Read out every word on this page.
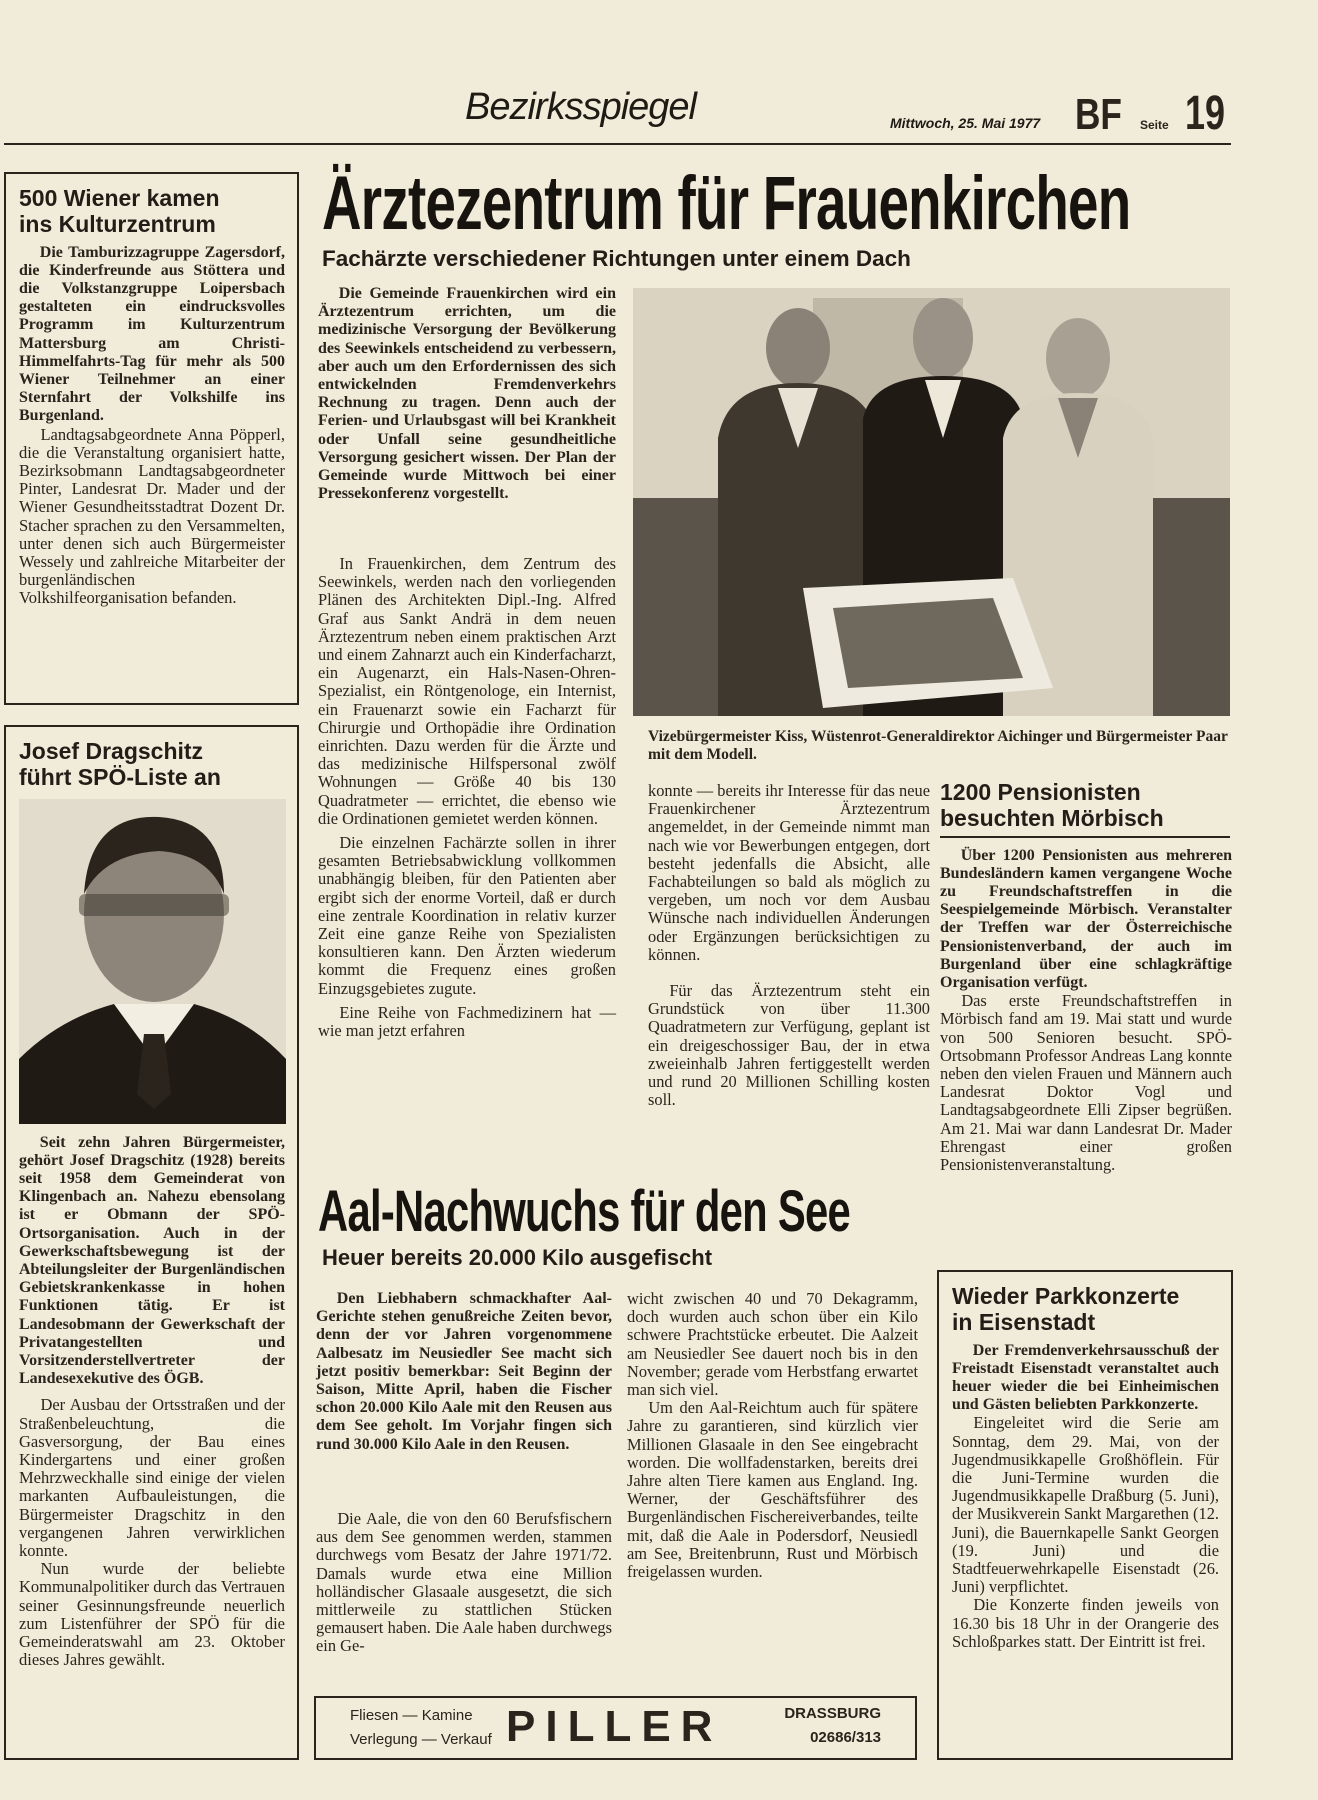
Bezirksspiegel	Mittwoch, 25. Mai 1977 BF Seite 19
500 Wiener kamen
ins Kulturzentrum

Die Tamburizzagruppe Zagersdorf, die Kinderfreunde aus Stöttera und die Volkstanzgruppe Loipersbach gestalteten ein eindrucksvolles Programm im Kulturzentrum Mattersburg am Christi-Himmelfahrts-Tag für mehr als 500 Wiener Teilnehmer an einer Sternfahrt der Volkshilfe ins Burgenland.

Landtagsabgeordnete Anna Pöpperl, die die Veranstaltung organisiert hatte, Bezirksobmann Landtagsabgeordneter Pinter, Landesrat Dr. Mader und der Wiener Gesundheitsstadtrat Dozent Dr. Stacher sprachen zu den Versammelten, unter denen sich auch Bürgermeister Wessely und zahlreiche Mitarbeiter der burgenländischen Volkshilfeorganisation befanden.

Josef Dragschitz
führt SPÖ-Liste an

Seit zehn Jahren Bürgermeister, gehört Josef Dragschitz (1928) bereits seit 1958 dem Gemeinderat von Klingenbach an. Nahezu ebensolang ist er Obmann der SPÖ-Ortsorganisation. Auch in der Gewerkschaftsbewegung ist der Abteilungsleiter der Burgenländischen Gebietskrankenkasse in hohen Funktionen tätig. Er ist Landesobmann der Gewerkschaft der Privatangestellten und Vorsitzenderstellvertreter der Landesexekutive des ÖGB.

Der Ausbau der Ortsstraßen und der Straßenbeleuchtung, die Gasversorgung, der Bau eines Kindergartens und einer großen Mehrzweckhalle sind einige der vielen markanten Aufbauleistungen, die Bürgermeister Dragschitz in den vergangenen Jahren verwirklichen konnte.

Nun wurde der beliebte Kommunalpolitiker durch das Vertrauen seiner Gesinnungsfreunde neuerlich zum Listenführer der SPÖ für die Gemeinderatswahl am 23. Oktober dieses Jahres gewählt.

Ärztezentrum für Frauenkirchen
Fachärzte verschiedener Richtungen unter einem Dach

Die Gemeinde Frauenkirchen wird ein Ärztezentrum errichten, um die medizinische Versorgung der Bevölkerung des Seewinkels entscheidend zu verbessern, aber auch um den Erfordernissen des sich entwickelnden Fremdenverkehrs Rechnung zu tragen. Denn auch der Ferien- und Urlaubsgast will bei Krankheit oder Unfall seine gesundheitliche Versorgung gesichert wissen. Der Plan der Gemeinde wurde Mittwoch bei einer Pressekonferenz vorgestellt.

In Frauenkirchen, dem Zentrum des Seewinkels, werden nach den vorliegenden Plänen des Architekten Dipl.-Ing. Alfred Graf aus Sankt Andrä in dem neuen Ärztezentrum neben einem praktischen Arzt und einem Zahnarzt auch ein Kinderfacharzt, ein Augenarzt, ein Hals-Nasen-Ohren-Spezialist, ein Röntgenologe, ein Internist, ein Frauenarzt sowie ein Facharzt für Chirurgie und Orthopädie ihre Ordination einrichten. Dazu werden für die Ärzte und das medizinische Hilfspersonal zwölf Wohnungen — Größe 40 bis 130 Quadratmeter — errichtet, die ebenso wie die Ordinationen gemietet werden können.

Die einzelnen Fachärzte sollen in ihrer gesamten Betriebsabwicklung vollkommen unabhängig bleiben, für den Patienten aber ergibt sich der enorme Vorteil, daß er durch eine zentrale Koordination in relativ kurzer Zeit eine ganze Reihe von Spezialisten konsultieren kann. Den Ärzten wiederum kommt die Frequenz eines großen Einzugsgebietes zugute.

Eine Reihe von Fachmedizinern hat — wie man jetzt erfahren

Vizebürgermeister Kiss, Wüstenrot-Generaldirektor Aichinger und Bürgermeister Paar mit dem Modell.

konnte — bereits ihr Interesse für das neue Frauenkirchener Ärztezentrum angemeldet, in der Gemeinde nimmt man nach wie vor Bewerbungen entgegen, dort besteht jedenfalls die Absicht, alle Fachabteilungen so bald als möglich zu vergeben, um noch vor dem Ausbau Wünsche nach individuellen Änderungen oder Ergänzungen berücksichtigen zu können.

Für das Ärztezentrum steht ein Grundstück von über 11.300 Quadratmetern zur Verfügung, geplant ist ein dreigeschossiger Bau, der in etwa zweieinhalb Jahren fertiggestellt werden und rund 20 Millionen Schilling kosten soll.

1200 Pensionisten
besuchten Mörbisch

Über 1200 Pensionisten aus mehreren Bundesländern kamen vergangene Woche zu Freundschaftstreffen in die Seespielgemeinde Mörbisch. Veranstalter der Treffen war der Österreichische Pensionistenverband, der auch im Burgenland über eine schlagkräftige Organisation verfügt.

Das erste Freundschaftstreffen in Mörbisch fand am 19. Mai statt und wurde von 500 Senioren besucht. SPÖ-Ortsobmann Professor Andreas Lang konnte neben den vielen Frauen und Männern auch Landesrat Doktor Vogl und Landtagsabgeordnete Elli Zipser begrüßen. Am 21. Mai war dann Landesrat Dr. Mader Ehrengast einer großen Pensionistenveranstaltung.

Aal-Nachwuchs für den See
Heuer bereits 20.000 Kilo ausgefischt

Den Liebhabern schmackhafter Aal-Gerichte stehen genußreiche Zeiten bevor, denn der vor Jahren vorgenommene Aalbesatz im Neusiedler See macht sich jetzt positiv bemerkbar: Seit Beginn der Saison, Mitte April, haben die Fischer schon 20.000 Kilo Aale mit den Reusen aus dem See geholt. Im Vorjahr fingen sich rund 30.000 Kilo Aale in den Reusen.

Die Aale, die von den 60 Berufsfischern aus dem See genommen werden, stammen durchwegs vom Besatz der Jahre 1971/72. Damals wurde etwa eine Million holländischer Glasaale ausgesetzt, die sich mittlerweile zu stattlichen Stücken gemausert haben. Die Aale haben durchwegs ein Ge-

wicht zwischen 40 und 70 Dekagramm, doch wurden auch schon über ein Kilo schwere Prachtstücke erbeutet. Die Aalzeit am Neusiedler See dauert noch bis in den November; gerade vom Herbstfang erwartet man sich viel.

Um den Aal-Reichtum auch für spätere Jahre zu garantieren, sind kürzlich vier Millionen Glasaale in den See eingebracht worden. Die wollfadenstarken, bereits drei Jahre alten Tiere kamen aus England. Ing. Werner, der Geschäftsführer des Burgenländischen Fischereiverbandes, teilte mit, daß die Aale in Podersdorf, Neusiedl am See, Breitenbrunn, Rust und Mörbisch freigelassen wurden.

Wieder Parkkonzerte
in Eisenstadt

Der Fremdenverkehrsausschuß der Freistadt Eisenstadt veranstaltet auch heuer wieder die bei Einheimischen und Gästen beliebten Parkkonzerte.

Eingeleitet wird die Serie am Sonntag, dem 29. Mai, von der Jugendmusikkapelle Großhöflein. Für die Juni-Termine wurden die Jugendmusikkapelle Draßburg (5. Juni), der Musikverein Sankt Margarethen (12. Juni), die Bauernkapelle Sankt Georgen (19. Juni) und die Stadtfeuerwehrkapelle Eisenstadt (26. Juni) verpflichtet.

Die Konzerte finden jeweils von 16.30 bis 18 Uhr in der Orangerie des Schloßparkes statt. Der Eintritt ist frei.

Fliesen — Kamine
Verlegung — Verkauf PILLER	DRASSBURG
02686/313
